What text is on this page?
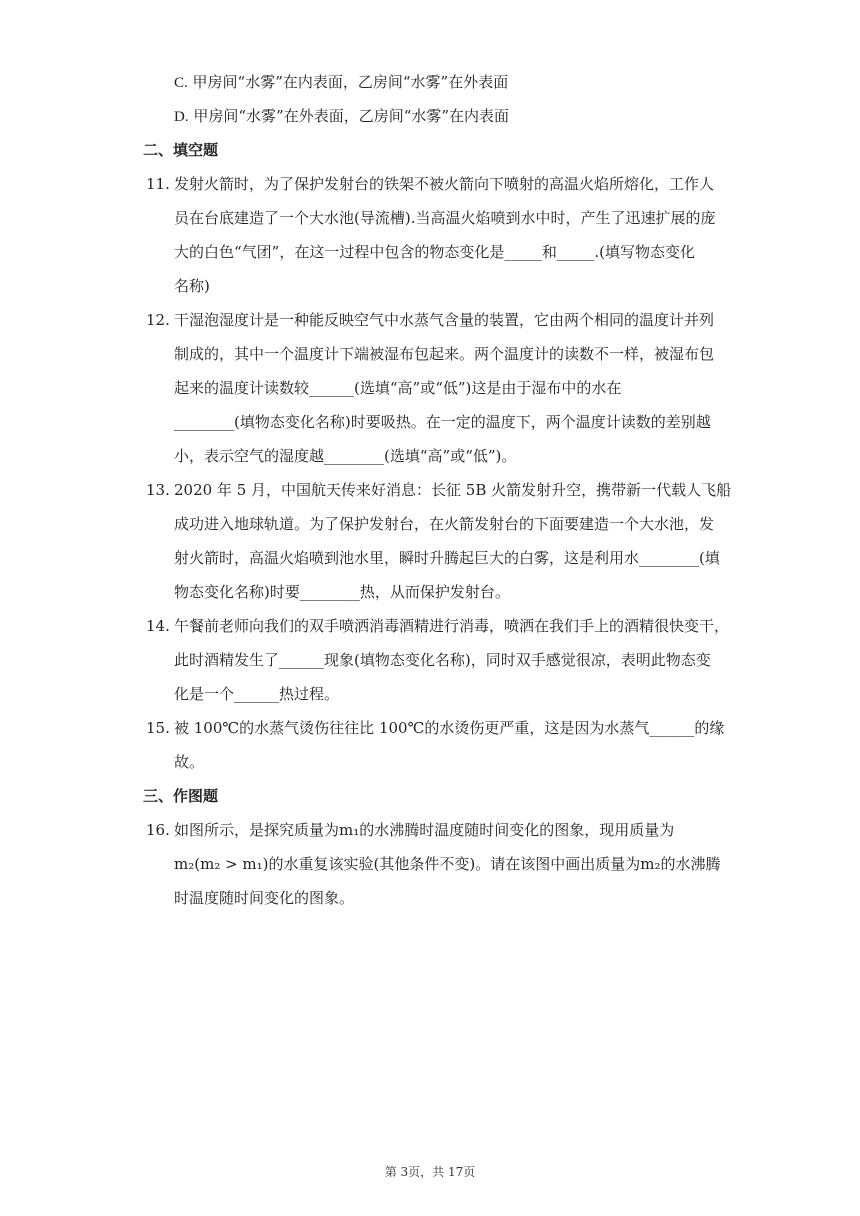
C. 甲房间“水雾”在内表面，乙房间“水雾”在外表面

D. 甲房间“水雾”在外表面，乙房间“水雾”在内表面

二、填空题

11. 发射火箭时，为了保护发射台的铁架不被火箭向下喷射的高温火焰所熔化，工作人

员在台底建造了一个大水池(导流槽).当高温火焰喷到水中时，产生了迅速扩展的庞

大的白色“气团”，在这一过程中包含的物态变化是_____和_____.(填写物态变化

名称)

12. 干湿泡湿度计是一种能反映空气中水蒸气含量的装置，它由两个相同的温度计并列

制成的，其中一个温度计下端被湿布包起来。两个温度计的读数不一样，被湿布包

起来的温度计读数较______(选填“高”或“低”)这是由于湿布中的水在

________(填物态变化名称)时要吸热。在一定的温度下，两个温度计读数的差别越

小，表示空气的湿度越________(选填“高”或“低”)。

13. 2020 年 5 月，中国航天传来好消息：长征 5B 火箭发射升空，携带新一代载人飞船

成功进入地球轨道。为了保护发射台，在火箭发射台的下面要建造一个大水池，发

射火箭时，高温火焰喷到池水里，瞬时升腾起巨大的白雾，这是利用水________(填

物态变化名称)时要________热，从而保护发射台。

14. 午餐前老师向我们的双手喷洒消毒酒精进行消毒，喷洒在我们手上的酒精很快变干，

此时酒精发生了______现象(填物态变化名称)，同时双手感觉很凉，表明此物态变

化是一个______热过程。

15. 被 100℃的水蒸气烫伤往往比 100℃的水烫伤更严重，这是因为水蒸气______的缘

故。

三、作图题

16. 如图所示，是探究质量为m₁的水沸腾时温度随时间变化的图象，现用质量为

m₂(m₂ > m₁)的水重复该实验(其他条件不变)。请在该图中画出质量为m₂的水沸腾

时温度随时间变化的图象。

第 3页，共 17页
